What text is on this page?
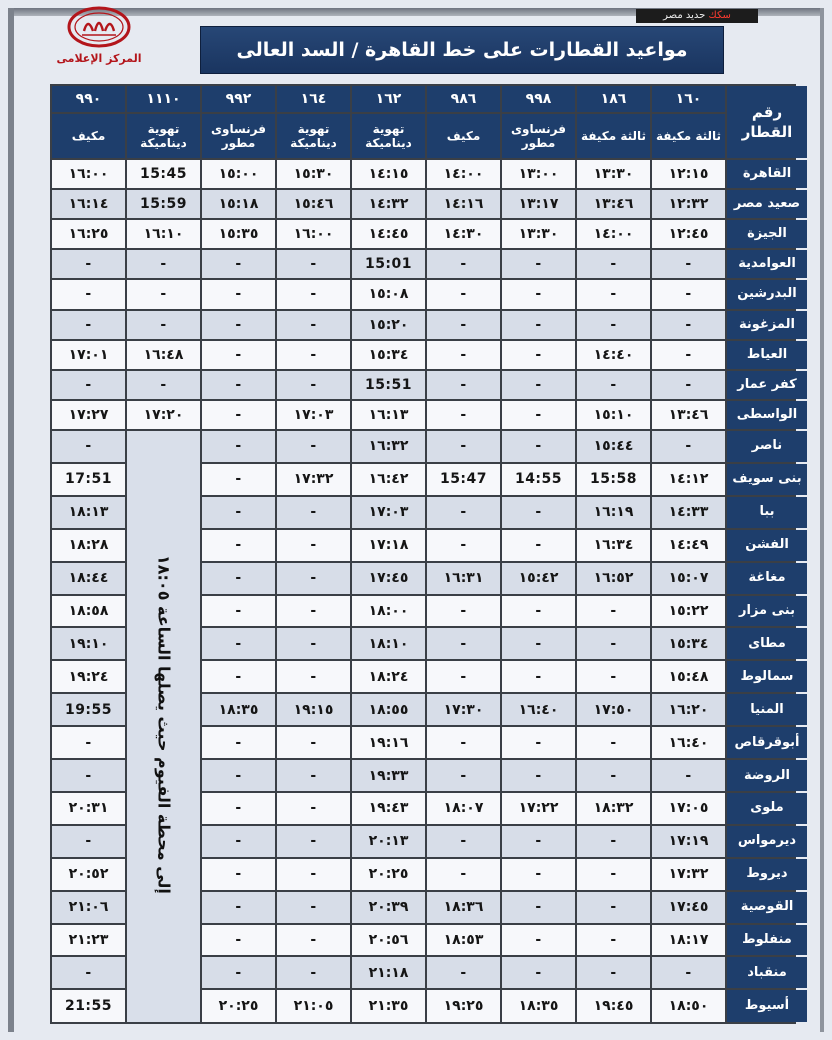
المركز الإعلامى
سكك حديد مصر
مواعيد القطارات على خط القاهرة / السد العالى
رقم القطار	١٦٠	١٨٦	٩٩٨	٩٨٦	١٦٢	١٦٤	٩٩٢	١١١٠	٩٩٠
	ثالثة مكيفة	ثالثة مكيفة	فرنساوى مطور	مكيف	تهوية ديناميكة	تهوية ديناميكة	فرنساوى مطور	تهوية ديناميكة	مكيف
القاهرة	١٢:١٥	١٣:٣٠	١٣:٠٠	١٤:٠٠	١٤:١٥	١٥:٣٠	١٥:٠٠	15:45	١٦:٠٠
صعيد مصر	١٢:٣٢	١٣:٤٦	١٣:١٧	١٤:١٦	١٤:٣٢	١٥:٤٦	١٥:١٨	15:59	١٦:١٤
الجيزة	١٢:٤٥	١٤:٠٠	١٣:٣٠	١٤:٣٠	١٤:٤٥	١٦:٠٠	١٥:٣٥	١٦:١٠	١٦:٢٥
العوامدية	-	-	-	-	15:01	-	-	-	-
البدرشين	-	-	-	-	١٥:٠٨	-	-	-	-
المزغونة	-	-	-	-	١٥:٢٠	-	-	-	-
العياط	-	١٤:٤٠	-	-	١٥:٣٤	-	-	١٦:٤٨	١٧:٠١
كفر عمار	-	-	-	-	15:51	-	-	-	-
الواسطى	١٣:٤٦	١٥:١٠	-	-	١٦:١٣	١٧:٠٣	-	١٧:٢٠	١٧:٢٧
ناصر	-	١٥:٤٤	-	-	١٦:٣٢	-	-	إلى محطة الفيوم حيث يصلها الساعة ١٨:٠٥	-
بنى سويف	١٤:١٢	15:58	14:55	15:47	١٦:٤٢	١٧:٣٢	-		17:51
ببا	١٤:٣٣	١٦:١٩	-	-	١٧:٠٣	-	-		١٨:١٣
الفشن	١٤:٤٩	١٦:٣٤	-	-	١٧:١٨	-	-		١٨:٢٨
مغاغة	١٥:٠٧	١٦:٥٢	١٥:٤٢	١٦:٣١	١٧:٤٥	-	-		١٨:٤٤
بنى مزار	١٥:٢٢	-	-	-	١٨:٠٠	-	-		١٨:٥٨
مطاى	١٥:٣٤	-	-	-	١٨:١٠	-	-		١٩:١٠
سمالوط	١٥:٤٨	-	-	-	١٨:٢٤	-	-		١٩:٢٤
المنيا	١٦:٢٠	١٧:٥٠	١٦:٤٠	١٧:٣٠	١٨:٥٥	١٩:١٥	١٨:٣٥		19:55
أبوقرقاص	١٦:٤٠	-	-	-	١٩:١٦	-	-		-
الروضة	-	-	-	-	١٩:٣٣	-	-		-
ملوى	١٧:٠٥	١٨:٣٢	١٧:٢٢	١٨:٠٧	١٩:٤٣	-	-		٢٠:٣١
ديرمواس	١٧:١٩	-	-	-	٢٠:١٣	-	-		-
ديروط	١٧:٣٢	-	-	-	٢٠:٢٥	-	-		٢٠:٥٢
القوصية	١٧:٤٥	-	-	١٨:٣٦	٢٠:٣٩	-	-		٢١:٠٦
منفلوط	١٨:١٧	-	-	١٨:٥٣	٢٠:٥٦	-	-		٢١:٢٣
منقباد	-	-	-	-	٢١:١٨	-	-		-
أسيوط	١٨:٥٠	١٩:٤٥	١٨:٣٥	١٩:٢٥	٢١:٣٥	٢١:٠٥	٢٠:٢٥		21:55
